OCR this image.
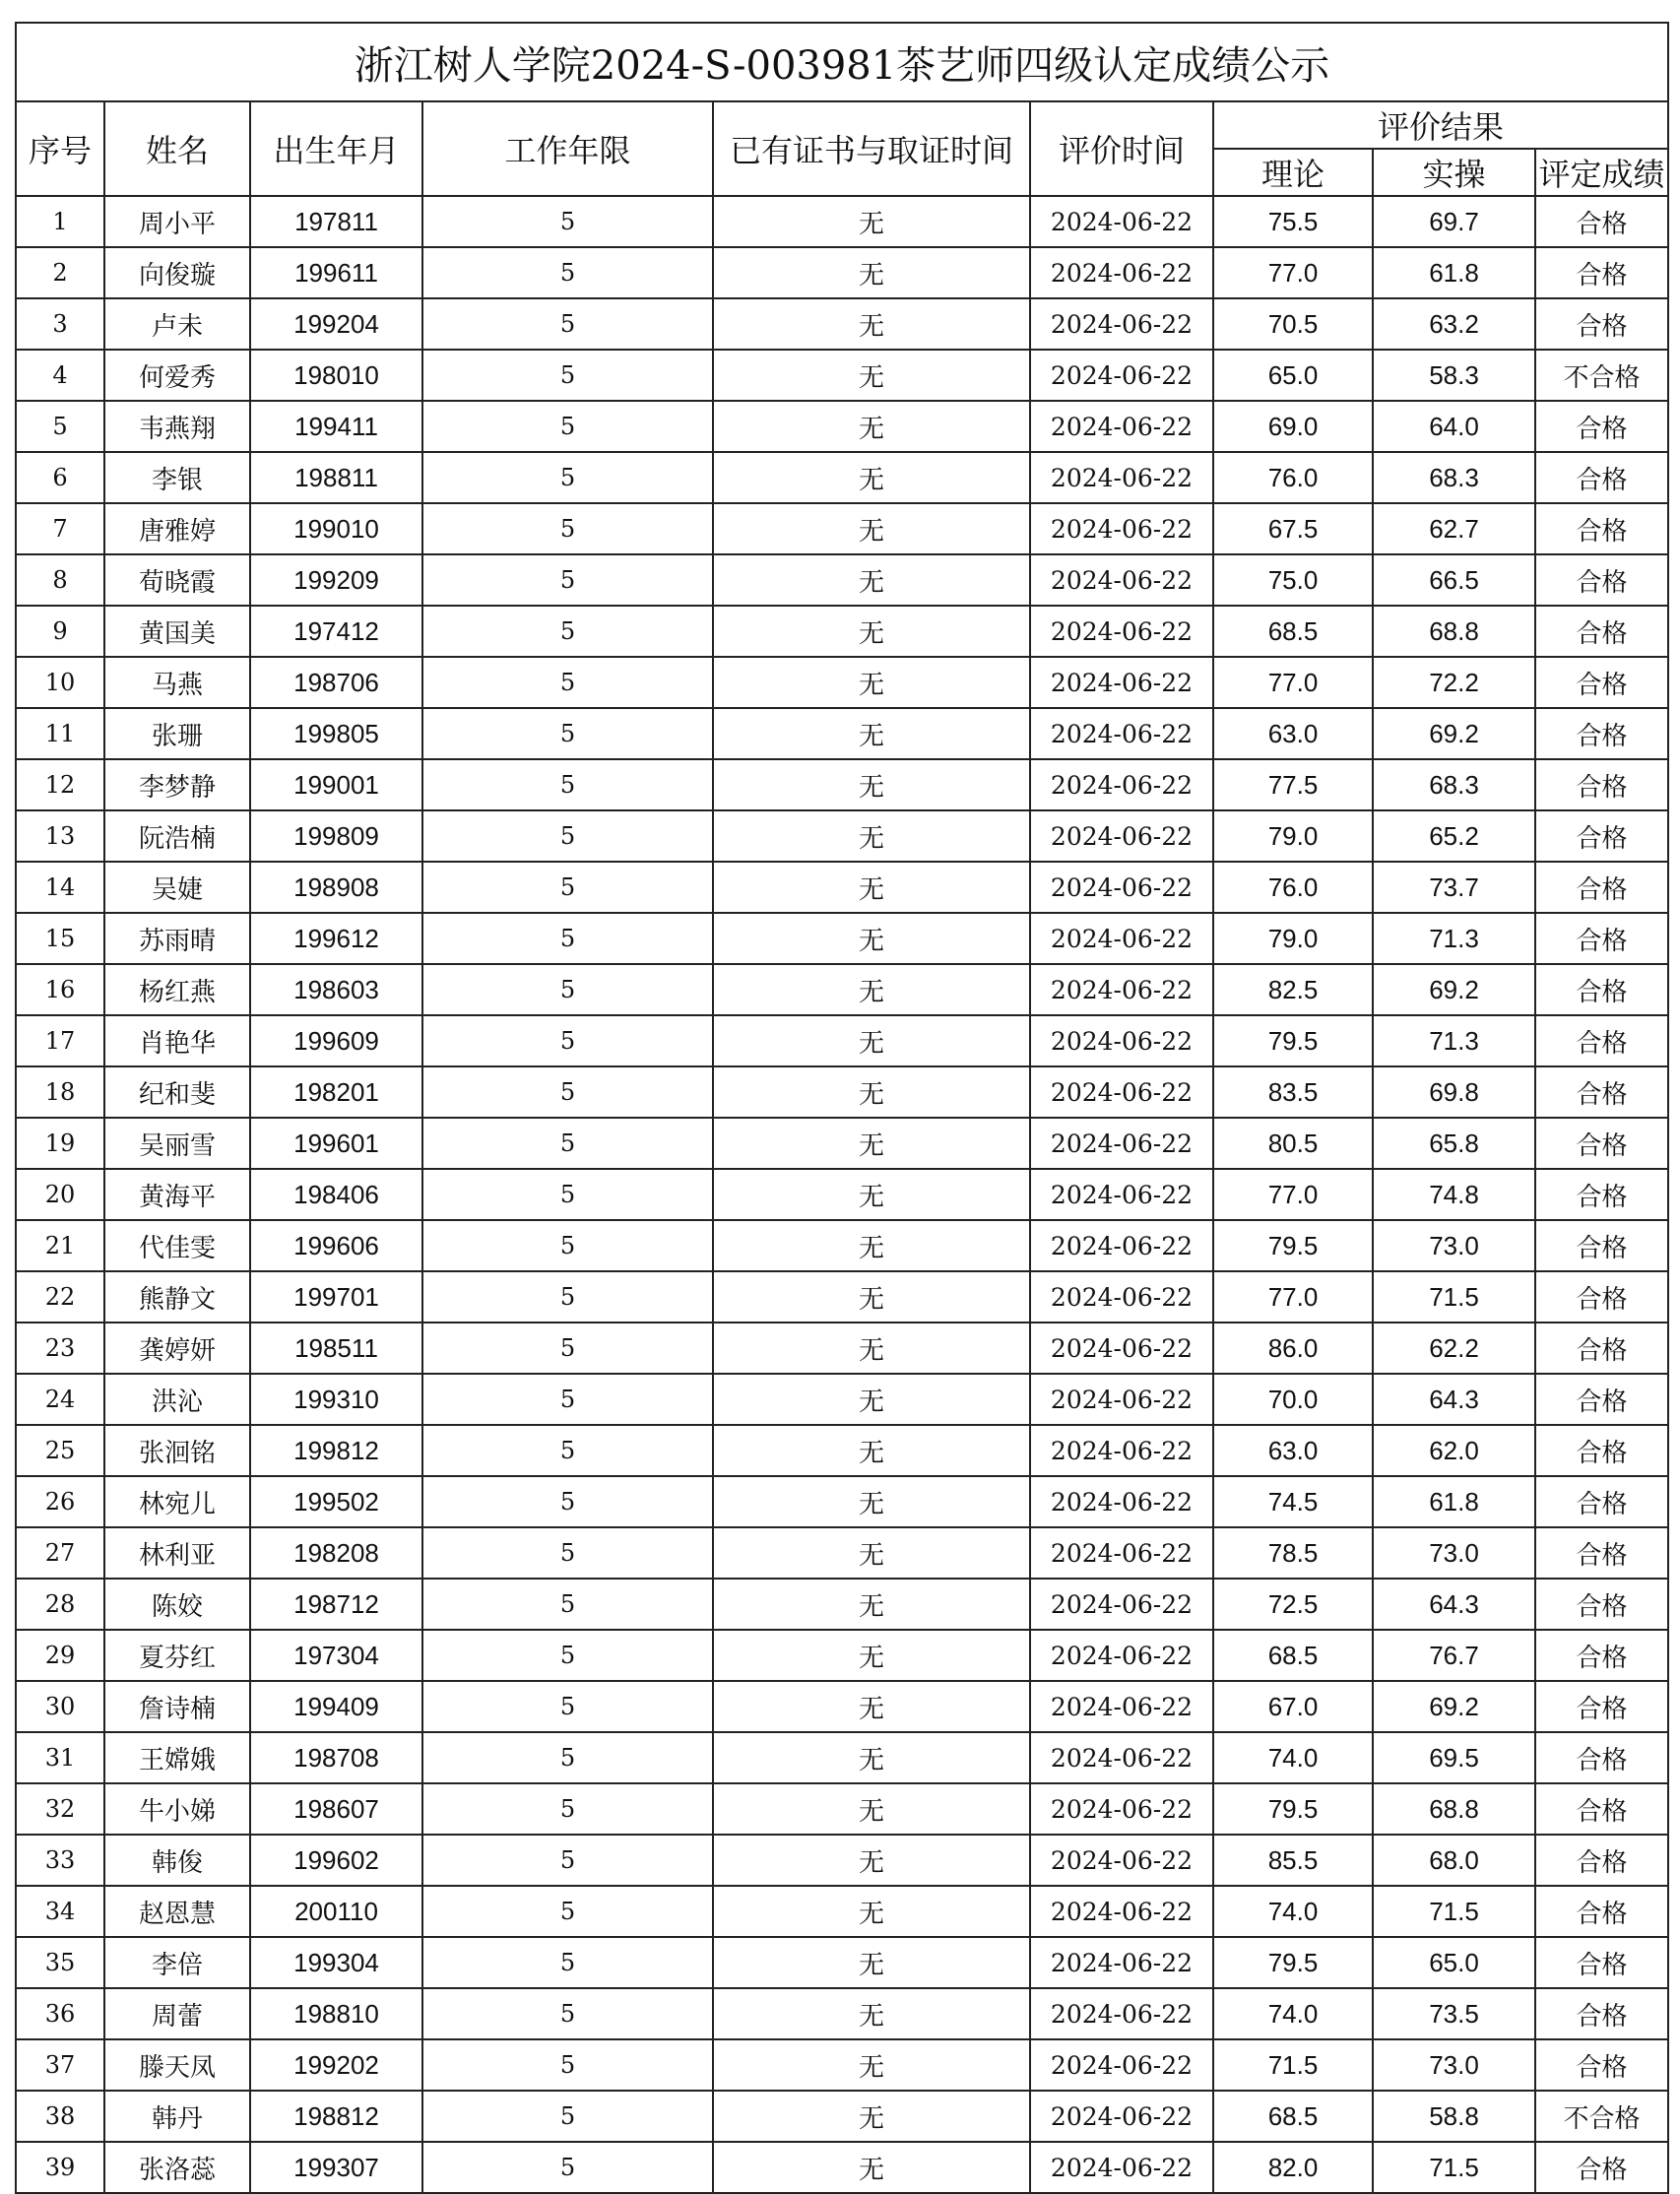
浙江树人学院2024-S-003981茶艺师四级认定成绩公示								
序号	姓名	出生年月	工作年限	已有证书与取证时间	评价时间	评价结果		
						理论	实操	评定成绩
1	周小平	197811	5	无	2024-06-22	75.5	69.7	合格
2	向俊璇	199611	5	无	2024-06-22	77.0	61.8	合格
3	卢未	199204	5	无	2024-06-22	70.5	63.2	合格
4	何爱秀	198010	5	无	2024-06-22	65.0	58.3	不合格
5	韦燕翔	199411	5	无	2024-06-22	69.0	64.0	合格
6	李银	198811	5	无	2024-06-22	76.0	68.3	合格
7	唐雅婷	199010	5	无	2024-06-22	67.5	62.7	合格
8	荀晓霞	199209	5	无	2024-06-22	75.0	66.5	合格
9	黄国美	197412	5	无	2024-06-22	68.5	68.8	合格
10	马燕	198706	5	无	2024-06-22	77.0	72.2	合格
11	张珊	199805	5	无	2024-06-22	63.0	69.2	合格
12	李梦静	199001	5	无	2024-06-22	77.5	68.3	合格
13	阮浩楠	199809	5	无	2024-06-22	79.0	65.2	合格
14	吴婕	198908	5	无	2024-06-22	76.0	73.7	合格
15	苏雨晴	199612	5	无	2024-06-22	79.0	71.3	合格
16	杨红燕	198603	5	无	2024-06-22	82.5	69.2	合格
17	肖艳华	199609	5	无	2024-06-22	79.5	71.3	合格
18	纪和斐	198201	5	无	2024-06-22	83.5	69.8	合格
19	吴丽雪	199601	5	无	2024-06-22	80.5	65.8	合格
20	黄海平	198406	5	无	2024-06-22	77.0	74.8	合格
21	代佳雯	199606	5	无	2024-06-22	79.5	73.0	合格
22	熊静文	199701	5	无	2024-06-22	77.0	71.5	合格
23	龚婷妍	198511	5	无	2024-06-22	86.0	62.2	合格
24	洪沁	199310	5	无	2024-06-22	70.0	64.3	合格
25	张洄铭	199812	5	无	2024-06-22	63.0	62.0	合格
26	林宛儿	199502	5	无	2024-06-22	74.5	61.8	合格
27	林利亚	198208	5	无	2024-06-22	78.5	73.0	合格
28	陈姣	198712	5	无	2024-06-22	72.5	64.3	合格
29	夏芬红	197304	5	无	2024-06-22	68.5	76.7	合格
30	詹诗楠	199409	5	无	2024-06-22	67.0	69.2	合格
31	王嫦娥	198708	5	无	2024-06-22	74.0	69.5	合格
32	牛小娣	198607	5	无	2024-06-22	79.5	68.8	合格
33	韩俊	199602	5	无	2024-06-22	85.5	68.0	合格
34	赵恩慧	200110	5	无	2024-06-22	74.0	71.5	合格
35	李倍	199304	5	无	2024-06-22	79.5	65.0	合格
36	周蕾	198810	5	无	2024-06-22	74.0	73.5	合格
37	滕天凤	199202	5	无	2024-06-22	71.5	73.0	合格
38	韩丹	198812	5	无	2024-06-22	68.5	58.8	不合格
39	张洛蕊	199307	5	无	2024-06-22	82.0	71.5	合格
